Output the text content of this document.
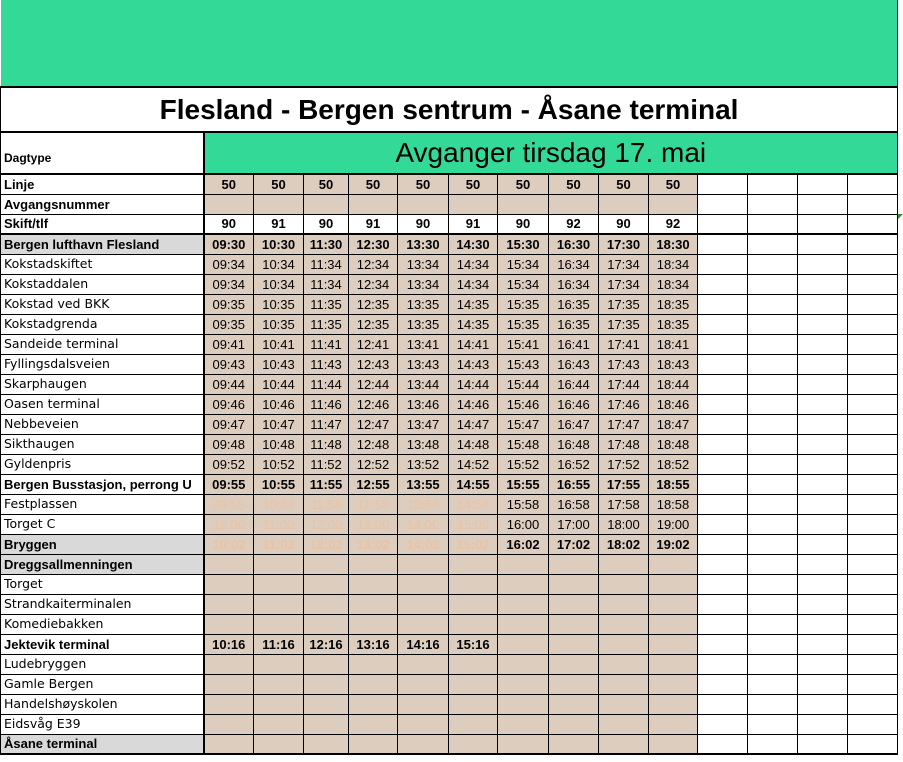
Flesland - Bergen sentrum - Åsane terminal														
Dagtype	Avganger tirsdag 17. mai													
Linje	50	50	50	50	50	50	50	50	50	50				
Avgangsnummer														
Skift/tlf	90	91	90	91	90	91	90	92	90	92				
Bergen lufthavn Flesland	09:30	10:30	11:30	12:30	13:30	14:30	15:30	16:30	17:30	18:30				
Kokstadskiftet	09:34	10:34	11:34	12:34	13:34	14:34	15:34	16:34	17:34	18:34				
Kokstaddalen	09:34	10:34	11:34	12:34	13:34	14:34	15:34	16:34	17:34	18:34				
Kokstad ved BKK	09:35	10:35	11:35	12:35	13:35	14:35	15:35	16:35	17:35	18:35				
Kokstadgrenda	09:35	10:35	11:35	12:35	13:35	14:35	15:35	16:35	17:35	18:35				
Sandeide terminal	09:41	10:41	11:41	12:41	13:41	14:41	15:41	16:41	17:41	18:41				
Fyllingsdalsveien	09:43	10:43	11:43	12:43	13:43	14:43	15:43	16:43	17:43	18:43				
Skarphaugen	09:44	10:44	11:44	12:44	13:44	14:44	15:44	16:44	17:44	18:44				
Oasen terminal	09:46	10:46	11:46	12:46	13:46	14:46	15:46	16:46	17:46	18:46				
Nebbeveien	09:47	10:47	11:47	12:47	13:47	14:47	15:47	16:47	17:47	18:47				
Sikthaugen	09:48	10:48	11:48	12:48	13:48	14:48	15:48	16:48	17:48	18:48				
Gyldenpris	09:52	10:52	11:52	12:52	13:52	14:52	15:52	16:52	17:52	18:52				
Bergen Busstasjon, perrong U	09:55	10:55	11:55	12:55	13:55	14:55	15:55	16:55	17:55	18:55				
Festplassen	09:58	10:58	11:58	12:58	13:58	14:58	15:58	16:58	17:58	18:58				
Torget C	10:00	11:00	12:00	13:00	14:00	15:00	16:00	17:00	18:00	19:00				
Bryggen	10:02	11:02	12:02	13:02	14:02	15:02	16:02	17:02	18:02	19:02				
Dreggsallmenningen														
Torget														
Strandkaiterminalen														
Komediebakken														
Jektevik terminal	10:16	11:16	12:16	13:16	14:16	15:16								
Ludebryggen														
Gamle Bergen														
Handelshøyskolen														
Eidsvåg E39														
Åsane terminal														
